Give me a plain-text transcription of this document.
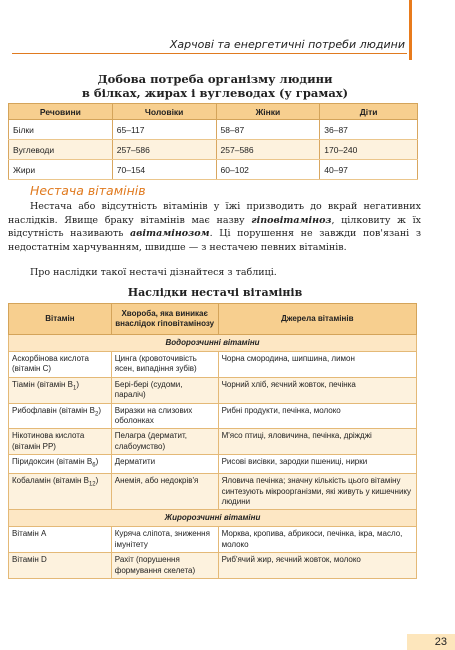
Харчові та енергетичні потреби людини
Добова потреба організму людини
в білках, жирах і вуглеводах (у грамах)
Речовини	Чоловіки	Жінки	Діти
Білки	65–117	58–87	36–87
Вуглеводи	257–586	257–586	170–240
Жири	70–154	60–102	40–97
Нестача вітамінів
Нестача або відсутність вітамінів у їжі призводить до вкрай негативних наслідків. Явище браку вітамінів має назву гіповітаміноз, цілковиту ж їх відсутність називають авітамінозом. Ці порушення не завжди пов'язані з недостатнім харчуванням, швидше — з нестачею певних вітамінів.
Про наслідки такої нестачі дізнайтеся з таблиці.
Наслідки нестачі вітамінів
Вітамін	Хвороба, яка виникає внаслідок гіповітамінозу	Джерела вітамінів
Водорозчинні вітаміни		
Аскорбінова кислота (вітамін С)	Цинга (кровоточивість ясен, випадіння зубів)	Чорна смородина, шипшина, лимон
Тіамін (вітамін $В_1$)	Бері-бері (судоми, параліч)	Чорний хліб, яєчний жовток, печінка
Рибофлавін (вітамін $В_2$)	Виразки на слизових оболонках	Рибні продукти, печінка, молоко
Нікотинова кислота (вітамін РР)	Пелагра (дерматит, слабоумство)	М'ясо птиці, яловичина, печінка, дріжджі
Піридоксин (вітамін $В_6$)	Дерматити	Рисові висівки, зародки пшениці, нирки
Кобаламін (вітамін $В_{12}$)	Анемія, або недокрів'я	Яловича печінка; значну кількість цього вітаміну синтезують мікроорганізми, які живуть у кишечнику людини
Жиророзчинні вітаміни		
Вітамін А	Куряча сліпота, зниження імунітету	Морква, кропива, абрикоси, печінка, ікра, масло, молоко
Вітамін D	Рахіт (порушення формування скелета)	Риб'ячий жир, яєчний жовток, молоко
23
